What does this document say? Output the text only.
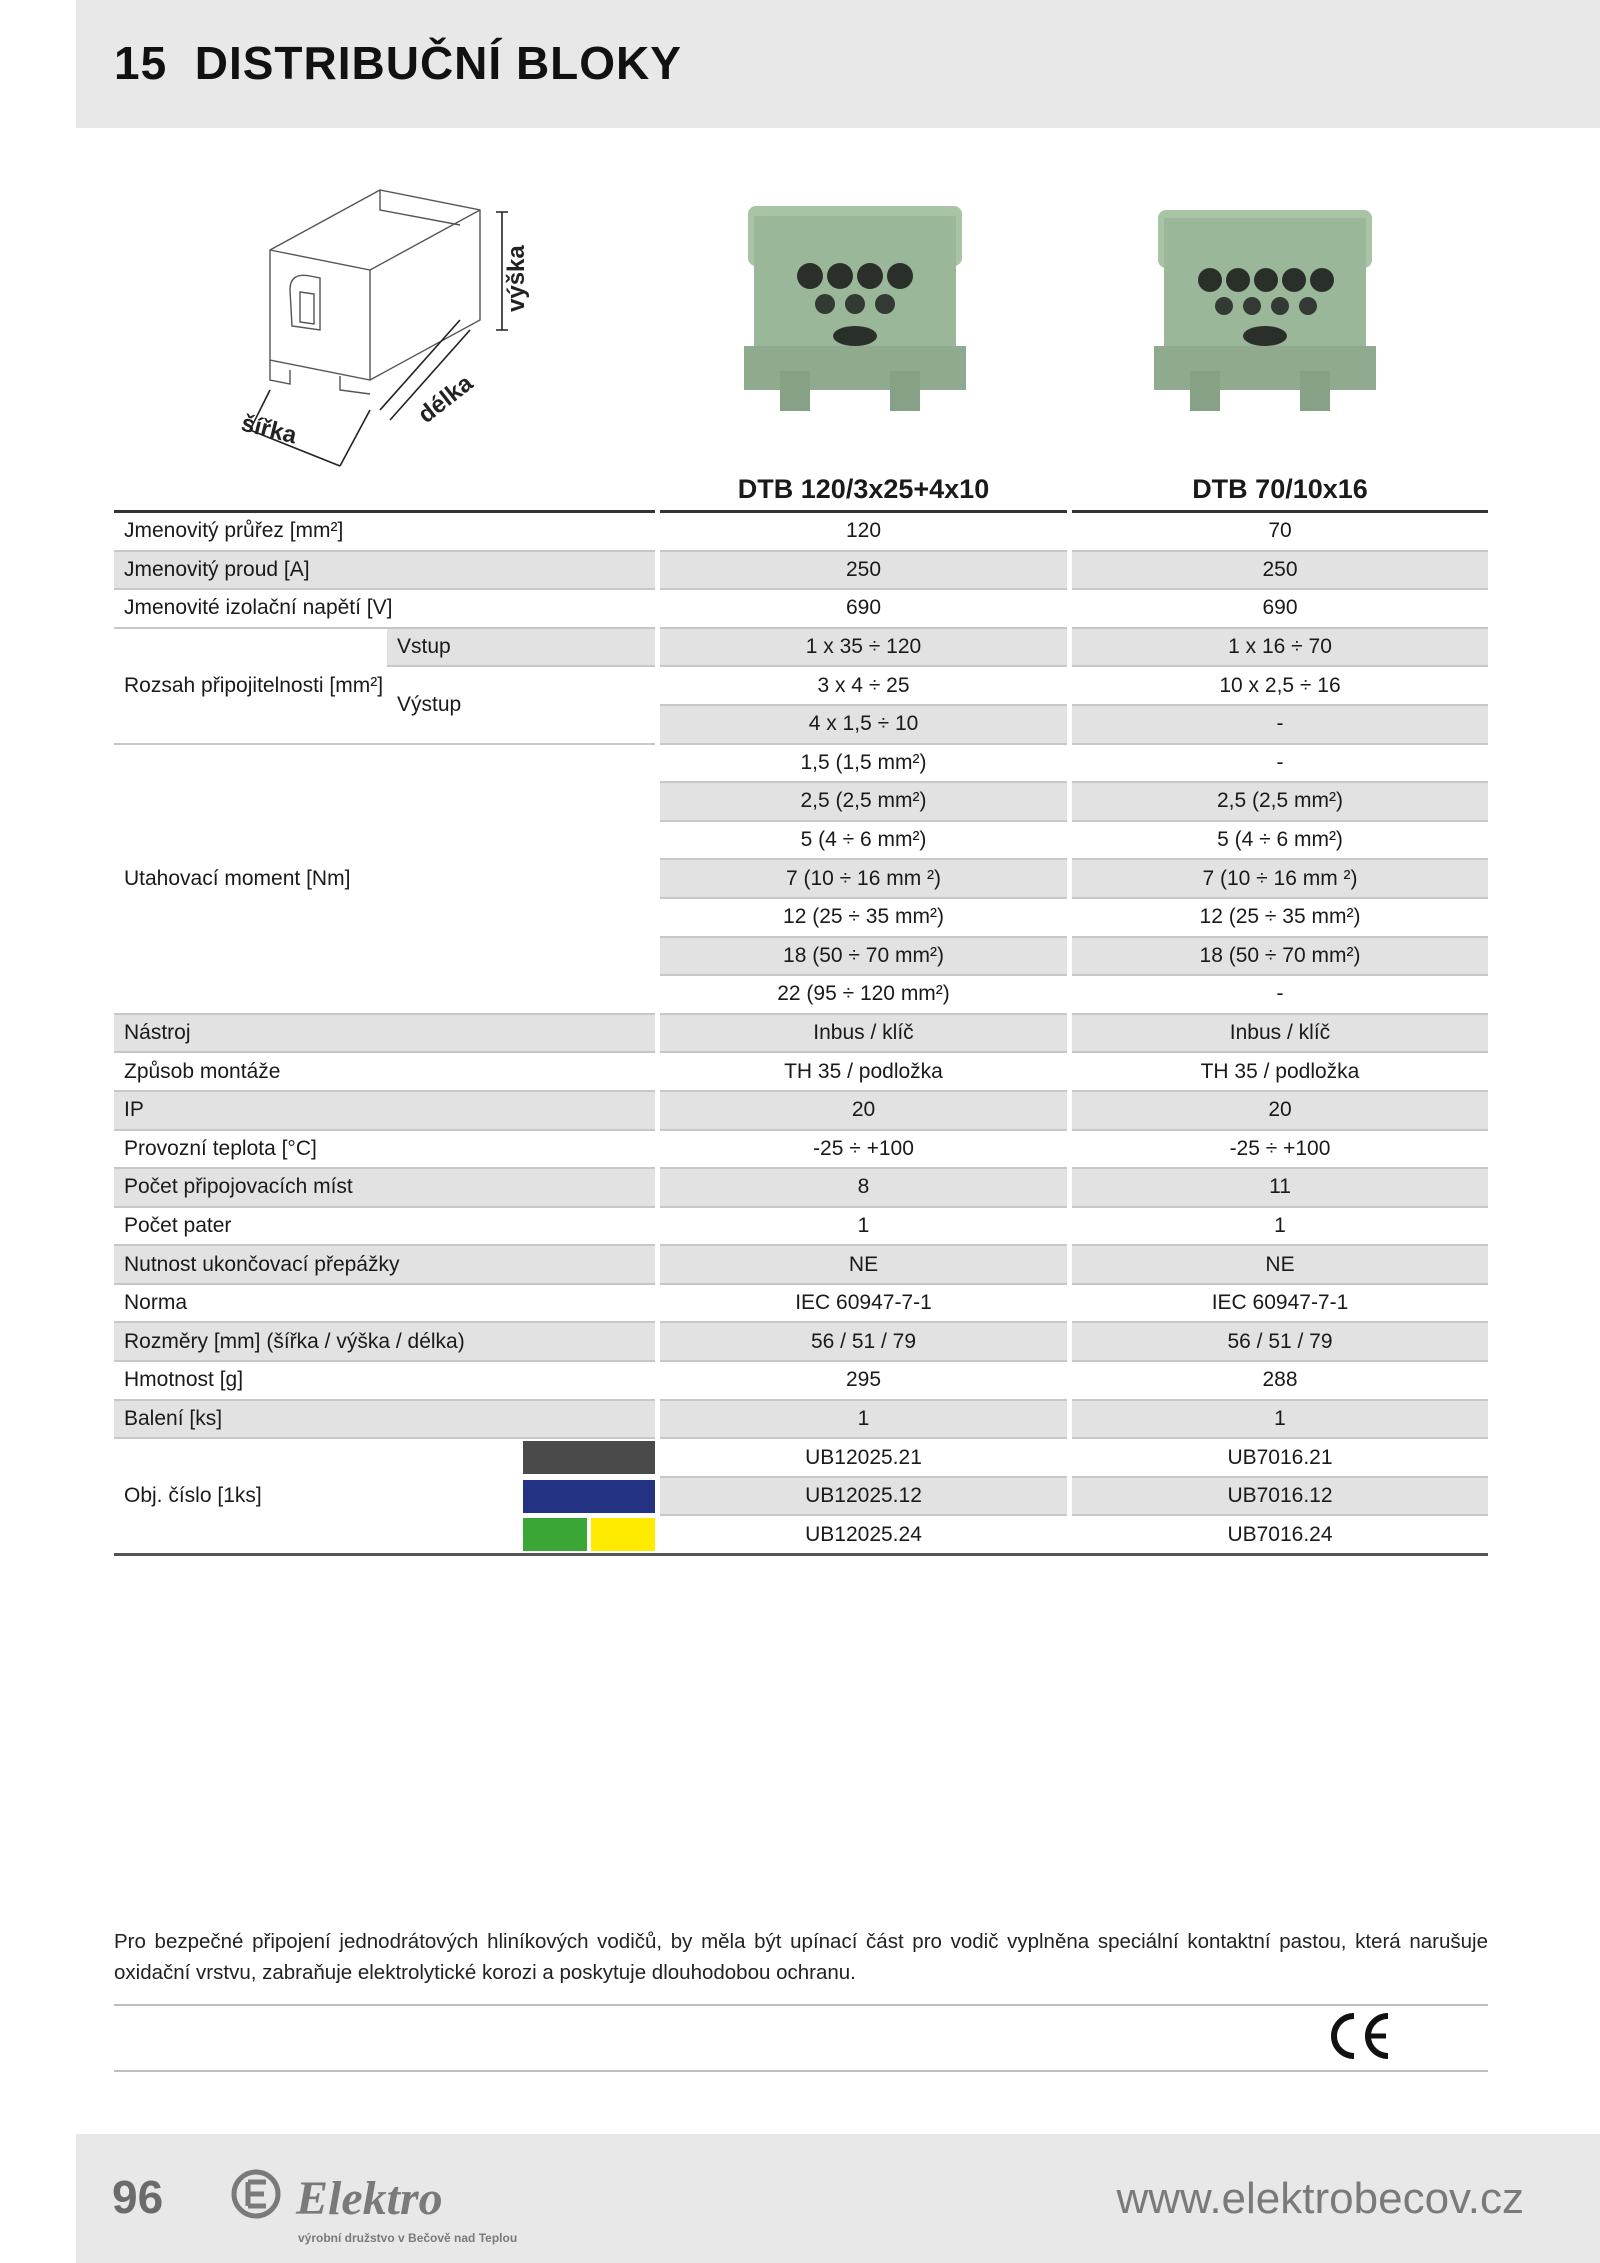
15 DISTRIBUČNÍ BLOKY
výška
délka
šířka
				DTB 120/3x25+4x10		DTB 70/10x16
Jmenovitý průřez [mm²]				120		70
Jmenovitý proud [A]				250		250
Jmenovité izolační napětí [V]				690		690
Rozsah připojitelnosti [mm²]	Vstup			1 x 35 ÷ 120		1 x 16 ÷ 70
	Výstup			3 x 4 ÷ 25		10 x 2,5 ÷ 16
				4 x 1,5 ÷ 10		-
Utahovací moment [Nm]				1,5 (1,5 mm²)		-
				2,5 (2,5 mm²)		2,5 (2,5 mm²)
				5 (4 ÷ 6 mm²)		5 (4 ÷ 6 mm²)
				7 (10 ÷ 16 mm ²)		7 (10 ÷ 16 mm ²)
				12 (25 ÷ 35 mm²)		12 (25 ÷ 35 mm²)
				18 (50 ÷ 70 mm²)		18 (50 ÷ 70 mm²)
				22 (95 ÷ 120 mm²)		-
Nástroj				Inbus / klíč		Inbus / klíč
Způsob montáže				TH 35 / podložka		TH 35 / podložka
IP				20		20
Provozní teplota [°C]				-25 ÷ +100		-25 ÷ +100
Počet připojovacích míst				8		11
Počet pater				1		1
Nutnost ukončovací přepážky				NE		NE
Norma				IEC 60947-7-1		IEC 60947-7-1
Rozměry [mm] (šířka / výška / délka)				56 / 51 / 79		56 / 51 / 79
Hmotnost [g]				295		288
Balení [ks]				1		1
Obj. číslo [1ks]				UB12025.21		UB7016.21

				UB12025.12		UB7016.12

				UB12025.24		UB7016.24
Pro bezpečné připojení jednodrátových hliníkových vodičů, by měla být upínací část pro vodič vyplněna speciální kontaktní pastou, která narušuje oxidační vrstvu, zabraňuje elektrolytické korozi a poskytuje dlouhodobou ochranu.
96	Elektro
výrobní družstvo v Bečově nad Teplou
www.elektrobecov.cz
